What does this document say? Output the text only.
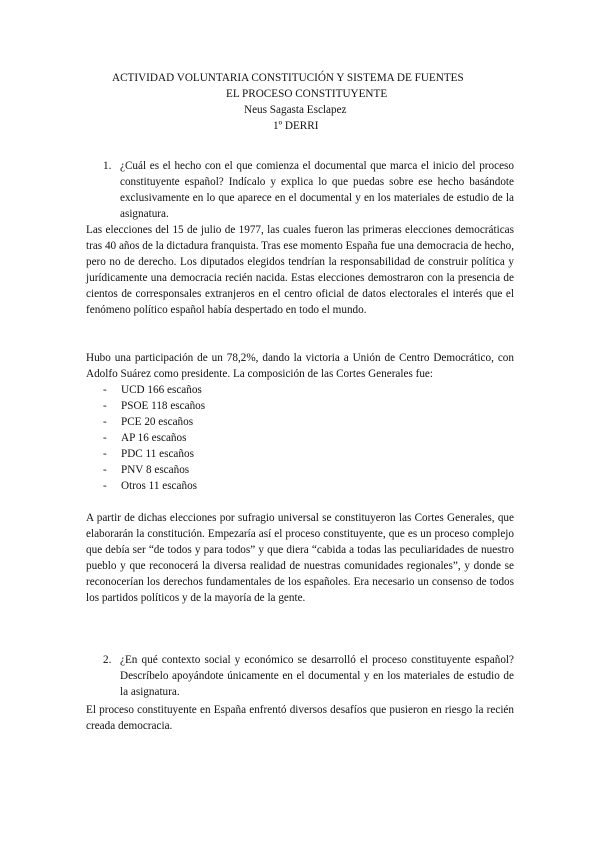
ACTIVIDAD VOLUNTARIA CONSTITUCIÓN Y SISTEMA DE FUENTES
EL PROCESO CONSTITUYENTE
Neus Sagasta Esclapez
1º DERRI
1. ¿Cuál es el hecho con el que comienza el documental que marca el inicio del proceso constituyente español? Indícalo y explica lo que puedas sobre ese hecho basándote exclusivamente en lo que aparece en el documental y en los materiales de estudio de la asignatura.

Las elecciones del 15 de julio de 1977, las cuales fueron las primeras elecciones democráticas tras 40 años de la dictadura franquista. Tras ese momento España fue una democracia de hecho, pero no de derecho. Los diputados elegidos tendrían la responsabilidad de construir política y jurídicamente una democracia recién nacida. Estas elecciones demostraron con la presencia de cientos de corresponsales extranjeros en el centro oficial de datos electorales el interés que el fenómeno político español había despertado en todo el mundo.

Hubo una participación de un 78,2%, dando la victoria a Unión de Centro Democrático, con Adolfo Suárez como presidente. La composición de las Cortes Generales fue:

- UCD 166 escaños
- PSOE 118 escaños
- PCE 20 escaños
- AP 16 escaños
- PDC 11 escaños
- PNV 8 escaños
- Otros 11 escaños

A partir de dichas elecciones por sufragio universal se constituyeron las Cortes Generales, que elaborarán la constitución. Empezaría así el proceso constituyente, que es un proceso complejo que debía ser “de todos y para todos” y que diera “cabida a todas las peculiaridades de nuestro pueblo y que reconocerá la diversa realidad de nuestras comunidades regionales”, y donde se reconocerían los derechos fundamentales de los españoles. Era necesario un consenso de todos los partidos políticos y de la mayoría de la gente.

2. ¿En qué contexto social y económico se desarrolló el proceso constituyente español? Descríbelo apoyándote únicamente en el documental y en los materiales de estudio de la asignatura.

El proceso constituyente en España enfrentó diversos desafíos que pusieron en riesgo la recién creada democracia.
